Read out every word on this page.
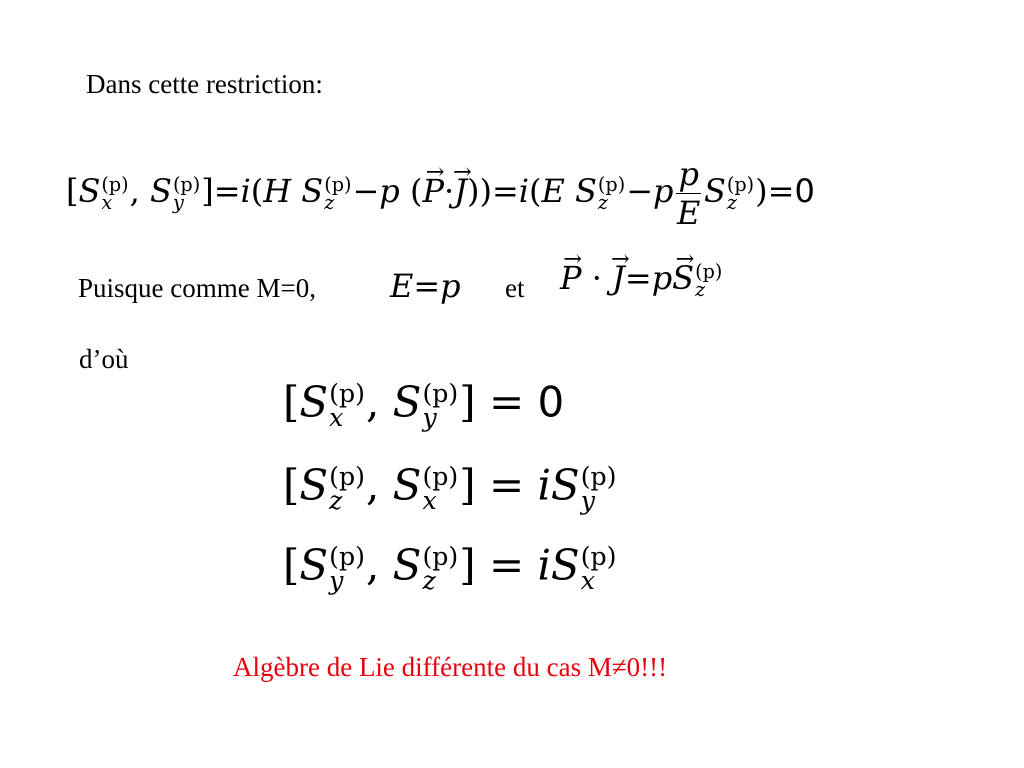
Dans cette restriction:
[S (p)
x , S (p)
y ]=i(H S (p)
z −p (→ P·→ J))=i(E S (p)
$z -p \frac{p}{E}$ S (p)
z )=0
Puisque comme M=0, E=p et
→ P · → J=p→ S (p)
z
d’où
[S (p)
x , S (p)
y ] = 0
[S (p)
z , S (p)
x ] = iS (p)
y
[S (p)
y , S (p)
z ] = iS (p)
x
Algèbre de Lie différente du cas M≠0!!!
